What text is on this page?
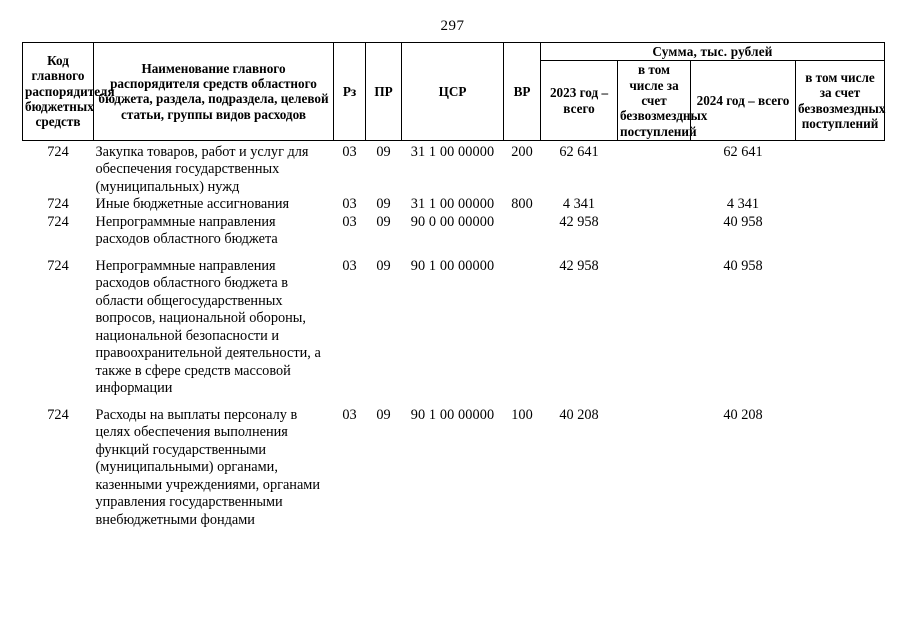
297
Код главного распорядителя бюджетных средств	Наименование главного распорядителя средств областного бюджета, раздела, подраздела, целевой статьи, группы видов расходов	Рз	ПР	ЦСР	ВР	Сумма, тыс. рублей			
						2023 год – всего	в том числе за счет безвозмездных поступлений	2024 год – всего	в том числе за счет безвозмездных поступлений
724	Закупка товаров, работ и услуг для обеспечения государственных (муниципальных) нужд	03	09	31 1 00 00000	200	62 641		62 641	
724	Иные бюджетные ассигнования	03	09	31 1 00 00000	800	4 341		4 341	
724	Непрограммные направления расходов областного бюджета	03	09	90 0 00 00000		42 958		40 958	

724	Непрограммные направления расходов областного бюджета в области общегосударственных вопросов, национальной обороны, национальной безопасности и правоохранительной деятельности, а также в сфере средств массовой информации	03	09	90 1 00 00000		42 958		40 958	

724	Расходы на выплаты персоналу в целях обеспечения выполнения функций государственными (муниципальными) органами, казенными учреждениями, органами управления государственными внебюджетными фондами	03	09	90 1 00 00000	100	40 208		40 208	
